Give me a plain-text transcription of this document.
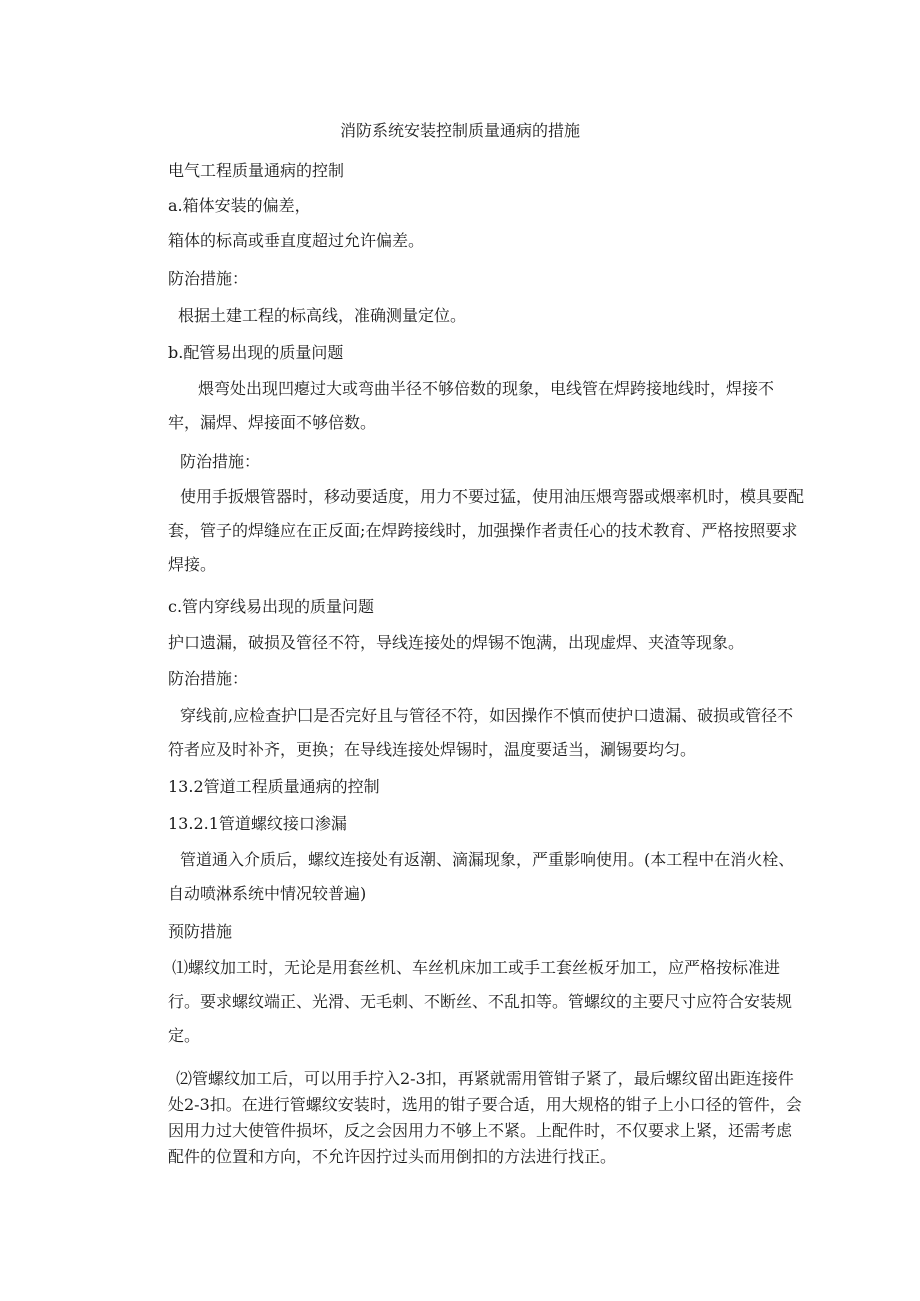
消防系统安装控制质量通病的措施

电气工程质量通病的控制

a.箱体安装的偏差，

箱体的标高或垂直度超过允许偏差。

防治措施：

根据土建工程的标高线，准确测量定位。

b.配管易出现的质量问题

煨弯处出现凹瘪过大或弯曲半径不够倍数的现象，电线管在焊跨接地线时，焊接不牢，漏焊、焊接面不够倍数。

防治措施：

使用手扳煨管器时，移动要适度，用力不要过猛，使用油压煨弯器或煨率机时，模具要配套，管子的焊缝应在正反面;在焊跨接线时，加强操作者责任心的技术教育、严格按照要求焊接。

c.管内穿线易出现的质量问题

护口遗漏，破损及管径不符，导线连接处的焊锡不饱满，出现虚焊、夹渣等现象。

防治措施：

穿线前,应检查护囗是否完好且与管径不符，如因操作不慎而使护口遗漏、破损或管径不符者应及时补齐，更换；在导线连接处焊锡时，温度要适当，涮锡要均匀。

13.2管道工程质量通病的控制

13.2.1管道螺纹接口渗漏

管道通入介质后，螺纹连接处有返潮、滴漏现象，严重影响使用。(本工程中在消火栓、自动喷淋系统中情况较普遍)

预防措施

⑴螺纹加工时，无论是用套丝机、车丝机床加工或手工套丝板牙加工，应严格按标准进行。要求螺纹端正、光滑、无毛刺、不断丝、不乱扣等。管螺纹的主要尺寸应符合安装规定。

⑵管螺纹加工后，可以用手拧入2-3扣，再紧就需用管钳子紧了，最后螺纹留出距连接件处2-3扣。在进行管螺纹安装时，选用的钳子要合适，用大规格的钳子上小口径的管件，会因用力过大使管件损坏，反之会因用力不够上不紧。上配件时，不仅要求上紧，还需考虑配件的位置和方向，不允许因拧过头而用倒扣的方法进行找正。
